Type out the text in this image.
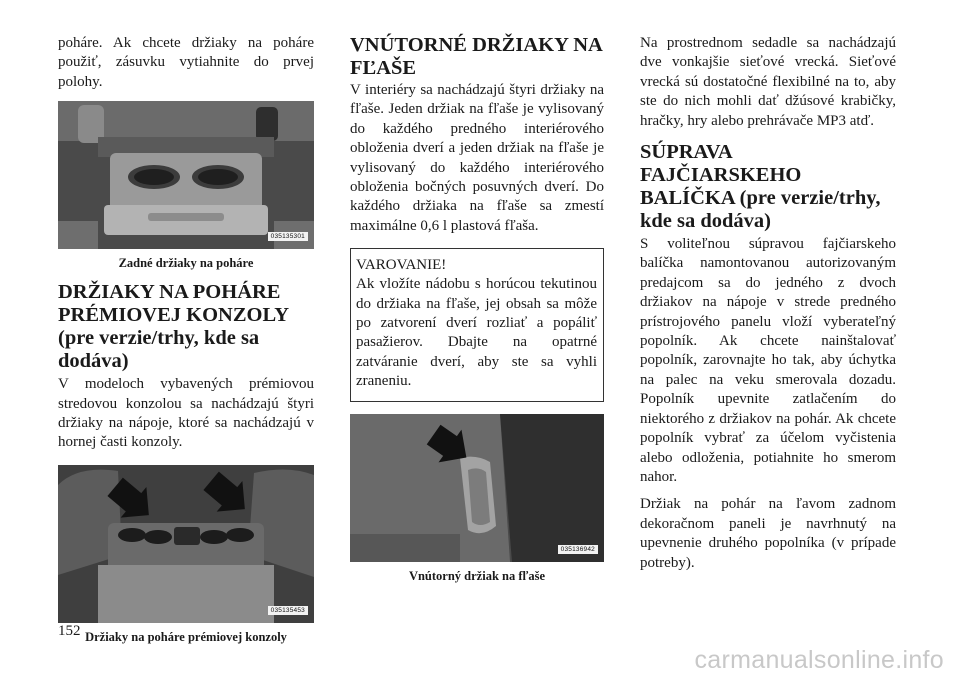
poháre. Ak chcete držiaky na poháre použiť, zásuvku vytiahnite do prvej polohy.

035135301
Zadné držiaky na poháre
DRŽIAKY NA POHÁRE PRÉMIOVEJ KONZOLY (pre verzie/trhy, kde sa dodáva)

V modeloch vybavených prémiovou stredovou konzolou sa nachádzajú štyri držiaky na nápoje, ktoré sa nachádzajú v hornej časti konzoly.

035135453
Držiaky na poháre prémiovej konzoly
VNÚTORNÉ DRŽIAKY NA FĽAŠE

V interiéry sa nachádzajú štyri držiaky na fľaše. Jeden držiak na fľaše je vylisovaný do každého predného interiérového obloženia dverí a jeden držiak na fľaše je vylisovaný do každého interiérového obloženia bočných posuvných dverí. Do každého držiaka na fľaše sa zmestí maximálne 0,6 l plastová fľaša.

VAROVANIE!

Ak vložíte nádobu s horúcou tekutinou do držiaka na fľaše, jej obsah sa môže po zatvorení dverí rozliať a popáliť pasažierov. Dbajte na opatrné zatváranie dverí, aby ste sa vyhli zraneniu.

035136942
Vnútorný držiak na fľaše

Na prostrednom sedadle sa nachádzajú dve vonkajšie sieťové vrecká. Sieťové vrecká sú dostatočné flexibilné na to, aby ste do nich mohli dať džúsové krabičky, hračky, hry alebo prehrávače MP3 atď.

SÚPRAVA FAJČIARSKEHO BALÍČKA (pre verzie/trhy, kde sa dodáva)

S voliteľnou súpravou fajčiarskeho balíčka namontovanou autorizovaným predajcom sa do jedného z dvoch držiakov na nápoje v strede predného prístrojového panelu vloží vyberateľný popolník. Ak chcete nainštalovať popolník, zarovnajte ho tak, aby úchytka na palec na veku smerovala dozadu. Popolník upevnite zatlačením do niektorého z držiakov na pohár. Ak chcete popolník vybrať za účelom vyčistenia alebo odloženia, potiahnite ho smerom nahor.

Držiak na pohár na ľavom zadnom dekoračnom paneli je navrhnutý na upevnenie druhého popolníka (v prípade potreby).

152
carmanualsonline.info
